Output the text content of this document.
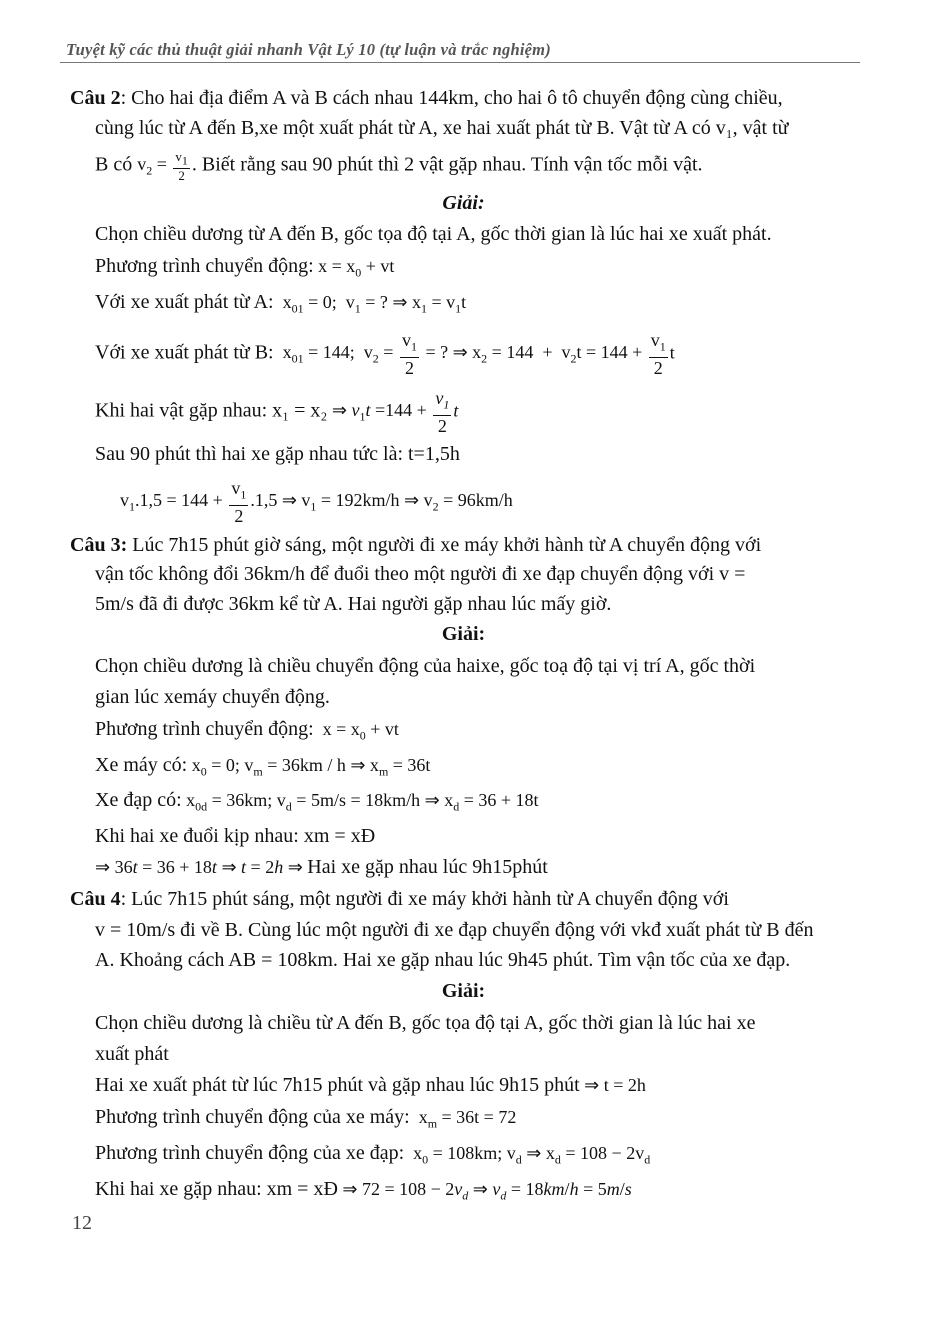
Tuyệt kỹ các thủ thuật giải nhanh Vật Lý 10 (tự luận và trắc nghiệm)
Câu 2: Cho hai địa điểm A và B cách nhau 144km, cho hai ô tô chuyển động cùng chiều,
cùng lúc từ A đến B,xe một xuất phát từ A, xe hai xuất phát từ B. Vật từ A có v₁, vật từ
B có $v_2 = \frac{v_1}{2}$ . Biết rằng sau 90 phút thì 2 vật gặp nhau. Tính vận tốc mỗi vật.
Giải:
Chọn chiều dương từ A đến B, gốc tọa độ tại A, gốc thời gian là lúc hai xe xuất phát.
Phương trình chuyển động: $x = x_0$ + vt
Với xe xuất phát từ A:  $x_{01} = 0$;  $v_1$ = ? ⇒ $x_1 = v_1t$
Với xe xuất phát từ B:  $x_{01} = 144$;  $v_2 = \frac{v_1}{2}$ = ? ⇒ $x_2 = 144 + v_2t = 144 + \frac{v_1}{2}$ t
Khi hai vật gặp nhau: x₁ = x₂ ⇒ $v_1t =144 + \frac{v_1}{2}$ t
Sau 90 phút thì hai xe gặp nhau tức là: t=1,5h
$v_1.1,5 = 144 + \frac{v_1}{2} .1,5$ ⇒ $v_1 = 192km/h$ ⇒ $v_2 = 96km/h$
Câu 3: Lúc 7h15 phút giờ sáng, một người đi xe máy khởi hành từ A chuyển động với
vận tốc không đổi 36km/h để đuổi theo một người đi xe đạp chuyển động với v =
5m/s đã đi được 36km kể từ A. Hai người gặp nhau lúc mấy giờ.
Giải:
Chọn chiều dương là chiều chuyển động của haixe, gốc toạ độ tại vị trí A, gốc thời
gian lúc xemáy chuyển động.
Phương trình chuyển động:  $x = x_0$ + vt
Xe máy có: $x_0 = 0$; $v_m = 36km / h$ ⇒ $x_m = 36t$
Xe đạp có: $x_{0d} = 36km$; $v_d = 5m/s = 18km/h$ ⇒ $x_d = 36 + 18t$
Khi hai xe đuổi kịp nhau: xm = xĐ
⇒ 36t = 36 + 18t ⇒ t = 2h ⇒ Hai xe gặp nhau lúc 9h15phút
Câu 4: Lúc 7h15 phút sáng, một người đi xe máy khởi hành từ A chuyển động với
v = 10m/s đi về B. Cùng lúc một người đi xe đạp chuyển động với vkđ xuất phát từ B đến
A. Khoảng cách AB = 108km. Hai xe gặp nhau lúc 9h45 phút. Tìm vận tốc của xe đạp.
Giải:
Chọn chiều dương là chiều từ A đến B, gốc tọa độ tại A, gốc thời gian là lúc hai xe
xuất phát
Hai xe xuất phát từ lúc 7h15 phút và gặp nhau lúc 9h15 phút ⇒ t = 2h
Phương trình chuyển động của xe máy:  $x_m = 36t = 72$
Phương trình chuyển động của xe đạp:  $x_0 = 108km$; $v_d$ ⇒ $x_d = 108 - 2v_d$
Khi hai xe gặp nhau: xm = xĐ ⇒ $72 = 108 - 2v_d$ ⇒ $v_d = 18km/h = 5m/s$
12
